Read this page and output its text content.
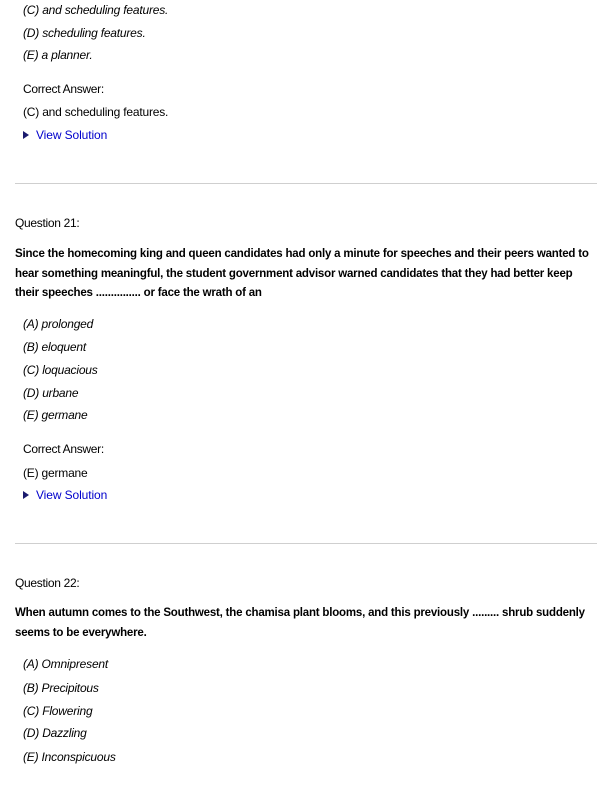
(C) and scheduling features.
(D) scheduling features.
(E) a planner.
Correct Answer:
(C) and scheduling features.
View Solution
Question 21:
Since the homecoming king and queen candidates had only a minute for speeches and their peers wanted to hear something meaningful, the student government advisor warned candidates that they had better keep their speeches ............... or face the wrath of an
(A) prolonged
(B) eloquent
(C) loquacious
(D) urbane
(E) germane
Correct Answer:
(E) germane
View Solution
Question 22:
When autumn comes to the Southwest, the chamisa plant blooms, and this previously ......... shrub suddenly seems to be everywhere.
(A) Omnipresent
(B) Precipitous
(C) Flowering
(D) Dazzling
(E) Inconspicuous
